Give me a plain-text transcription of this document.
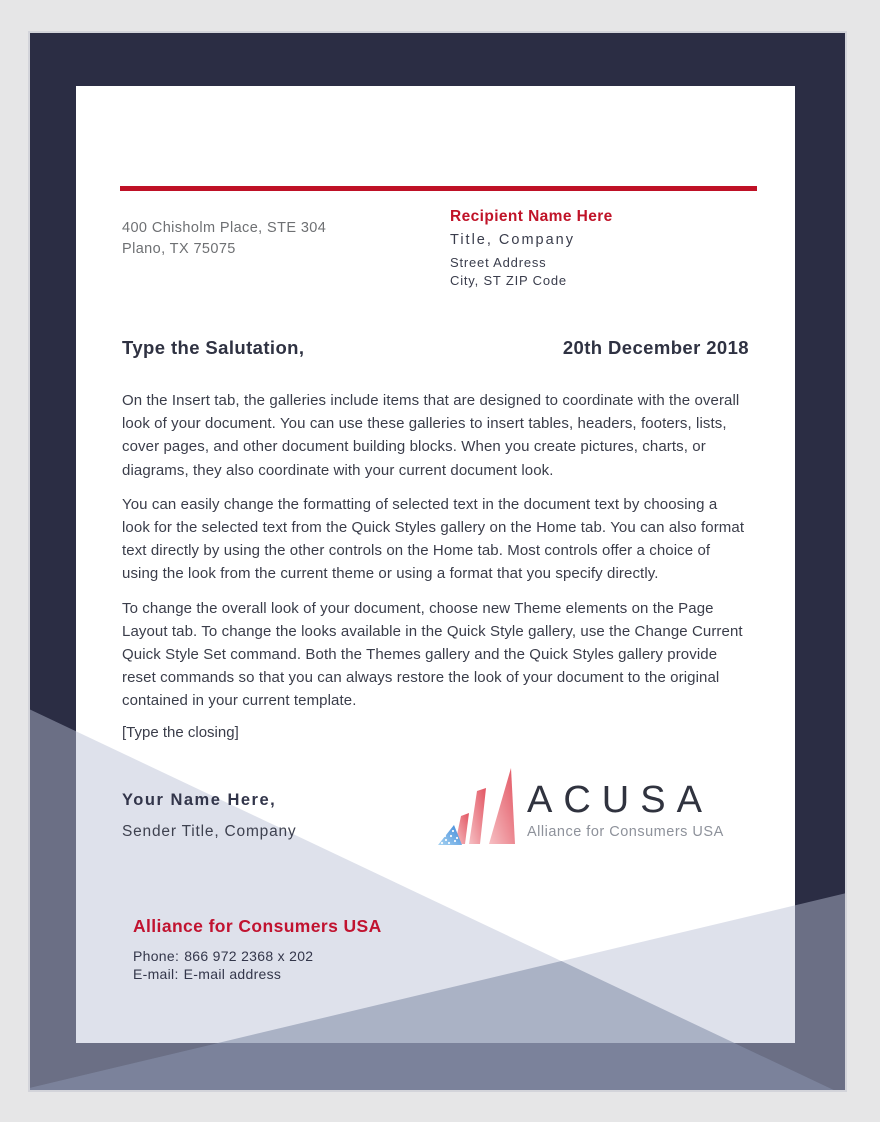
400 Chisholm Place, STE 304
Plano, TX 75075
Recipient Name Here
Title, Company
Street Address
City, ST ZIP Code
Type the Salutation,	20th December 2018

On the Insert tab, the galleries include items that are designed to coordinate with the overall look of your document. You can use these galleries to insert tables, headers, footers, lists, cover pages, and other document building blocks. When you create pictures, charts, or diagrams, they also coordinate with your current document look.

You can easily change the formatting of selected text in the document text by choosing a look for the selected text from the Quick Styles gallery on the Home tab. You can also format text directly by using the other controls on the Home tab. Most controls offer a choice of using the look from the current theme or using a format that you specify directly.

To change the overall look of your document, choose new Theme elements on the Page Layout tab. To change the looks available in the Quick Style gallery, use the Change Current Quick Style Set command. Both the Themes gallery and the Quick Styles gallery provide reset commands so that you can always restore the look of your document to the original contained in your current template.

[Type the closing]
Your Name Here,
Sender Title, Company
ACUSA
Alliance for Consumers USA
Alliance for Consumers USA
Phone: 866 972 2368 x 202
E-mail: E-mail address
